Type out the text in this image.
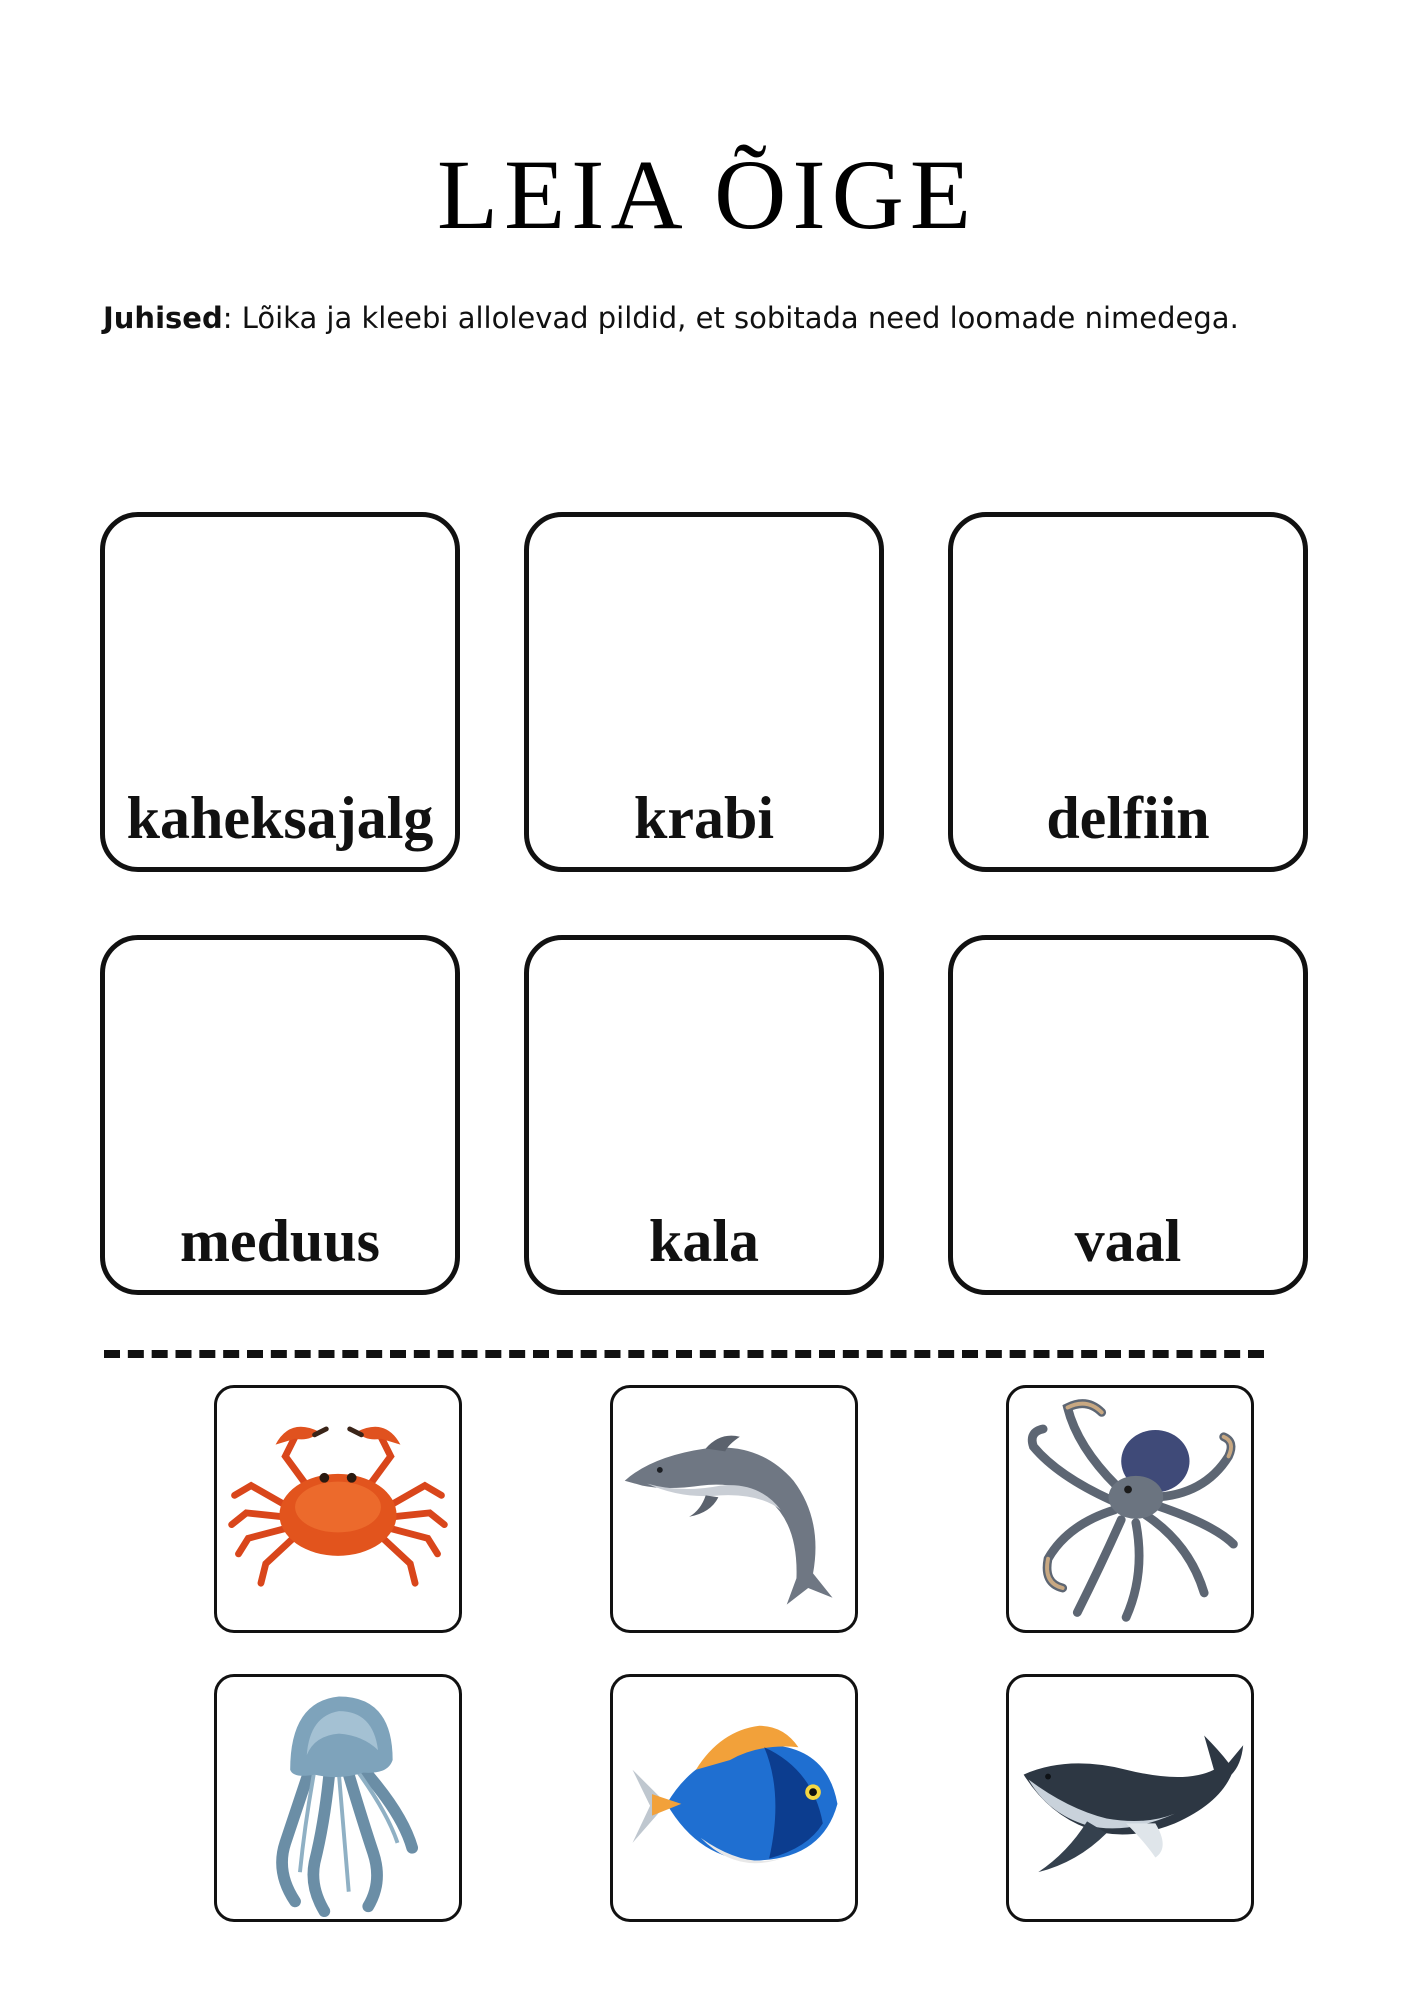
LEIA ÕIGE
Juhised: Lõika ja kleebi allolevad pildid, et sobitada need loomade nimedega.
kaheksajalg	krabi	delfiin
meduus	kala	vaal
